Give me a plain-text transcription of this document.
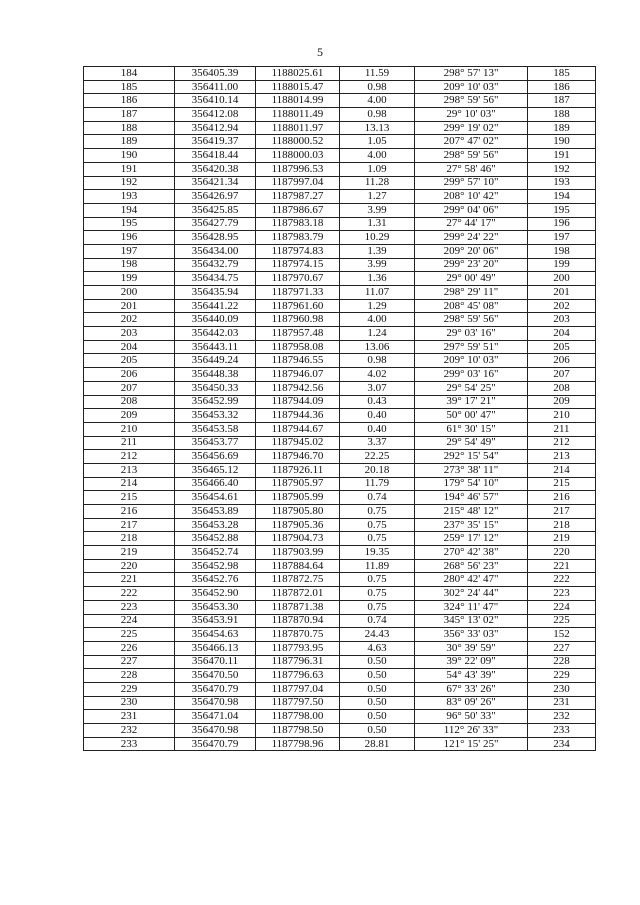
5
184	356405.39	1188025.61	11.59	298° 57' 13"	185
185	356411.00	1188015.47	0.98	209° 10' 03"	186
186	356410.14	1188014.99	4.00	298° 59' 56"	187
187	356412.08	1188011.49	0.98	29° 10' 03"	188
188	356412.94	1188011.97	13.13	299° 19' 02"	189
189	356419.37	1188000.52	1.05	207° 47' 02"	190
190	356418.44	1188000.03	4.00	298° 59' 56"	191
191	356420.38	1187996.53	1.09	27° 58' 46"	192
192	356421.34	1187997.04	11.28	299° 57' 10"	193
193	356426.97	1187987.27	1.27	208° 10' 42"	194
194	356425.85	1187986.67	3.99	299° 04' 06"	195
195	356427.79	1187983.18	1.31	27° 44' 17"	196
196	356428.95	1187983.79	10.29	299° 24' 22"	197
197	356434.00	1187974.83	1.39	209° 20' 06"	198
198	356432.79	1187974.15	3.99	299° 23' 20"	199
199	356434.75	1187970.67	1.36	29° 00' 49"	200
200	356435.94	1187971.33	11.07	298° 29' 11"	201
201	356441.22	1187961.60	1.29	208° 45' 08"	202
202	356440.09	1187960.98	4.00	298° 59' 56"	203
203	356442.03	1187957.48	1.24	29° 03' 16"	204
204	356443.11	1187958.08	13.06	297° 59' 51"	205
205	356449.24	1187946.55	0.98	209° 10' 03"	206
206	356448.38	1187946.07	4.02	299° 03' 16"	207
207	356450.33	1187942.56	3.07	29° 54' 25"	208
208	356452.99	1187944.09	0.43	39° 17' 21"	209
209	356453.32	1187944.36	0.40	50° 00' 47"	210
210	356453.58	1187944.67	0.40	61° 30' 15"	211
211	356453.77	1187945.02	3.37	29° 54' 49"	212
212	356456.69	1187946.70	22.25	292° 15' 54"	213
213	356465.12	1187926.11	20.18	273° 38' 11"	214
214	356466.40	1187905.97	11.79	179° 54' 10"	215
215	356454.61	1187905.99	0.74	194° 46' 57"	216
216	356453.89	1187905.80	0.75	215° 48' 12"	217
217	356453.28	1187905.36	0.75	237° 35' 15"	218
218	356452.88	1187904.73	0.75	259° 17' 12"	219
219	356452.74	1187903.99	19.35	270° 42' 38"	220
220	356452.98	1187884.64	11.89	268° 56' 23"	221
221	356452.76	1187872.75	0.75	280° 42' 47"	222
222	356452.90	1187872.01	0.75	302° 24' 44"	223
223	356453.30	1187871.38	0.75	324° 11' 47"	224
224	356453.91	1187870.94	0.74	345° 13' 02"	225
225	356454.63	1187870.75	24.43	356° 33' 03"	152
226	356466.13	1187793.95	4.63	30° 39' 59"	227
227	356470.11	1187796.31	0.50	39° 22' 09"	228
228	356470.50	1187796.63	0.50	54° 43' 39"	229
229	356470.79	1187797.04	0.50	67° 33' 26"	230
230	356470.98	1187797.50	0.50	83° 09' 26"	231
231	356471.04	1187798.00	0.50	96° 50' 33"	232
232	356470.98	1187798.50	0.50	112° 26' 33"	233
233	356470.79	1187798.96	28.81	121° 15' 25"	234
